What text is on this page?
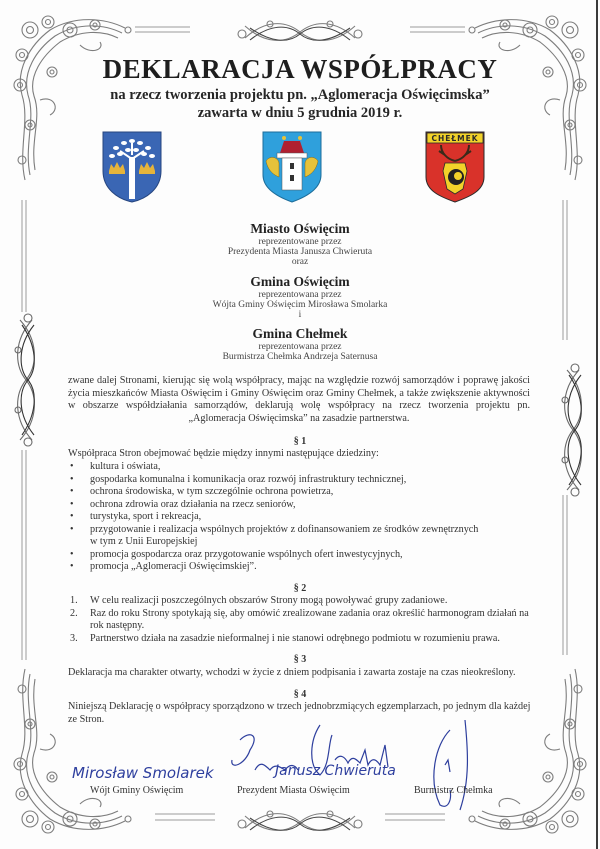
DEKLARACJA WSPÓŁPRACY
na rzecz tworzenia projektu pn. „Aglomeracja Oświęcimska”
zawarta w dniu 5 grudnia 2019 r.
CHEŁMEK
Miasto Oświęcim
reprezentowane przez
Prezydenta Miasta Janusza Chwieruta
oraz
Gmina Oświęcim
reprezentowana przez
Wójta Gminy Oświęcim Mirosława Smolarka
i
Gmina Chełmek
reprezentowana przez
Burmistrza Chełmka Andrzeja Saternusa
zwane dalej Stronami, kierując się wolą współpracy, mając na względzie rozwój samorządów i poprawę jakości życia mieszkańców Miasta Oświęcim i Gminy Oświęcim oraz Gminy Chełmek, a także zwiększenie aktywności w obszarze współdziałania samorządów, deklarują wolę współpracy na rzecz tworzenia projektu pn. „Aglomeracja Oświęcimska” na zasadzie partnerstwa.
§ 1
Współpraca Stron obejmować będzie między innymi następujące dziedziny:
• kultura i oświata,
• gospodarka komunalna i komunikacja oraz rozwój infrastruktury technicznej,
• ochrona środowiska, w tym szczególnie ochrona powietrza,
• ochrona zdrowia oraz działania na rzecz seniorów,
• turystyka, sport i rekreacja,
• przygotowanie i realizacja wspólnych projektów z dofinansowaniem ze środków zewnętrznych
w tym z Unii Europejskiej
• promocja gospodarcza oraz przygotowanie wspólnych ofert inwestycyjnych,
• promocja „Aglomeracji Oświęcimskiej”.
§ 2
1. W celu realizacji poszczególnych obszarów Strony mogą powoływać grupy zadaniowe.
2. Raz do roku Strony spotykają się, aby omówić zrealizowane zadania oraz określić harmonogram działań na
rok następny.
3. Partnerstwo działa na zasadzie nieformalnej i nie stanowi odrębnego podmiotu w rozumieniu prawa.
§ 3
Deklaracja ma charakter otwarty, wchodzi w życie z dniem podpisania i zawarta zostaje na czas nieokreślony.
§ 4
Niniejszą Deklarację o współpracy sporządzono w trzech jednobrzmiących egzemplarzach, po jednym dla każdej
ze Stron.
Mirosław Smolarek	Janusz Chwieruta
Wójt Gminy Oświęcim	Prezydent Miasta Oświęcim	Burmistrz Chełmka
